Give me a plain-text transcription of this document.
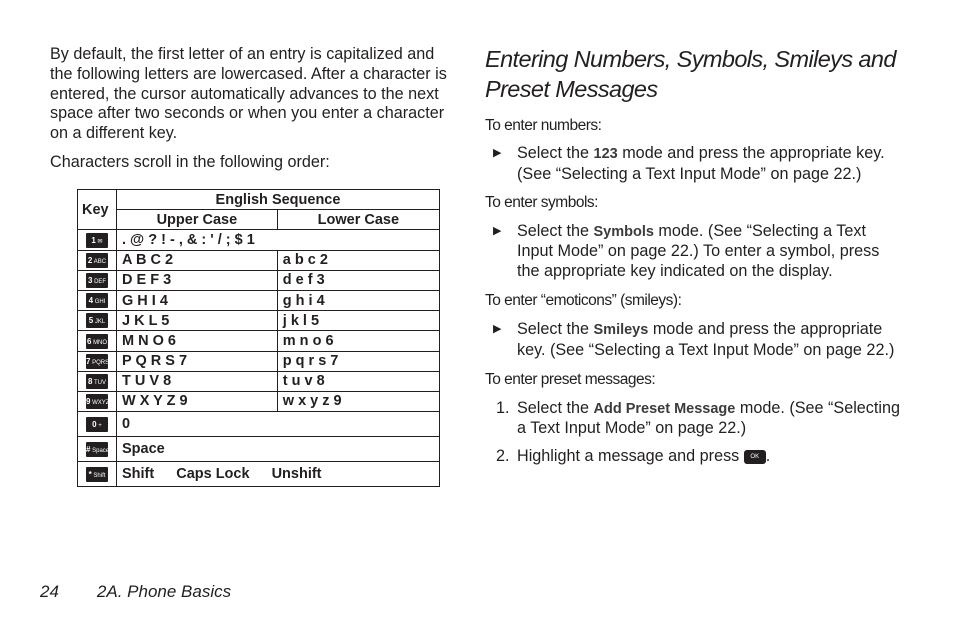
By default, the first letter of an entry is capitalized and the following letters are lowercased. After a character is entered, the cursor automatically advances to the next space after two seconds or when you enter a character on a different key.

Characters scroll in the following order:

Key	English Sequence	
	Upper Case	Lower Case
1 ✉	. @ ? ! - , & : ' / ; $ 1	
2 ABC	A B C 2	a b c 2
3 DEF	D E F 3	d e f 3
4 GHI	G H I 4	g h i 4
5 JKL	J K L 5	j k l 5
6 MNO	M N O 6	m n o 6
7 PQRS	P Q R S 7	p q r s 7
8 TUV	T U V 8	t u v 8
9 WXYZ	W X Y Z 9	w x y z 9
0 +	0	
# Space	Space	
* Shift	Shift Caps Lock Unshift	
Entering Numbers, Symbols, Smileys and Preset Messages

To enter numbers:

▶ Select the 123 mode and press the appropriate key. (See “Selecting a Text Input Mode” on page 22.)

To enter symbols:

▶ Select the Symbols mode. (See “Selecting a Text Input Mode” on page 22.) To enter a symbol, press the appropriate key indicated on the display.

To enter “emoticons” (smileys):

▶ Select the Smileys mode and press the appropriate key. (See “Selecting a Text Input Mode” on page 22.)

To enter preset messages:

1. Select the Add Preset Message mode. (See “Selecting a Text Input Mode” on page 22.)

2. Highlight a message and press OK .

24 2A. Phone Basics
